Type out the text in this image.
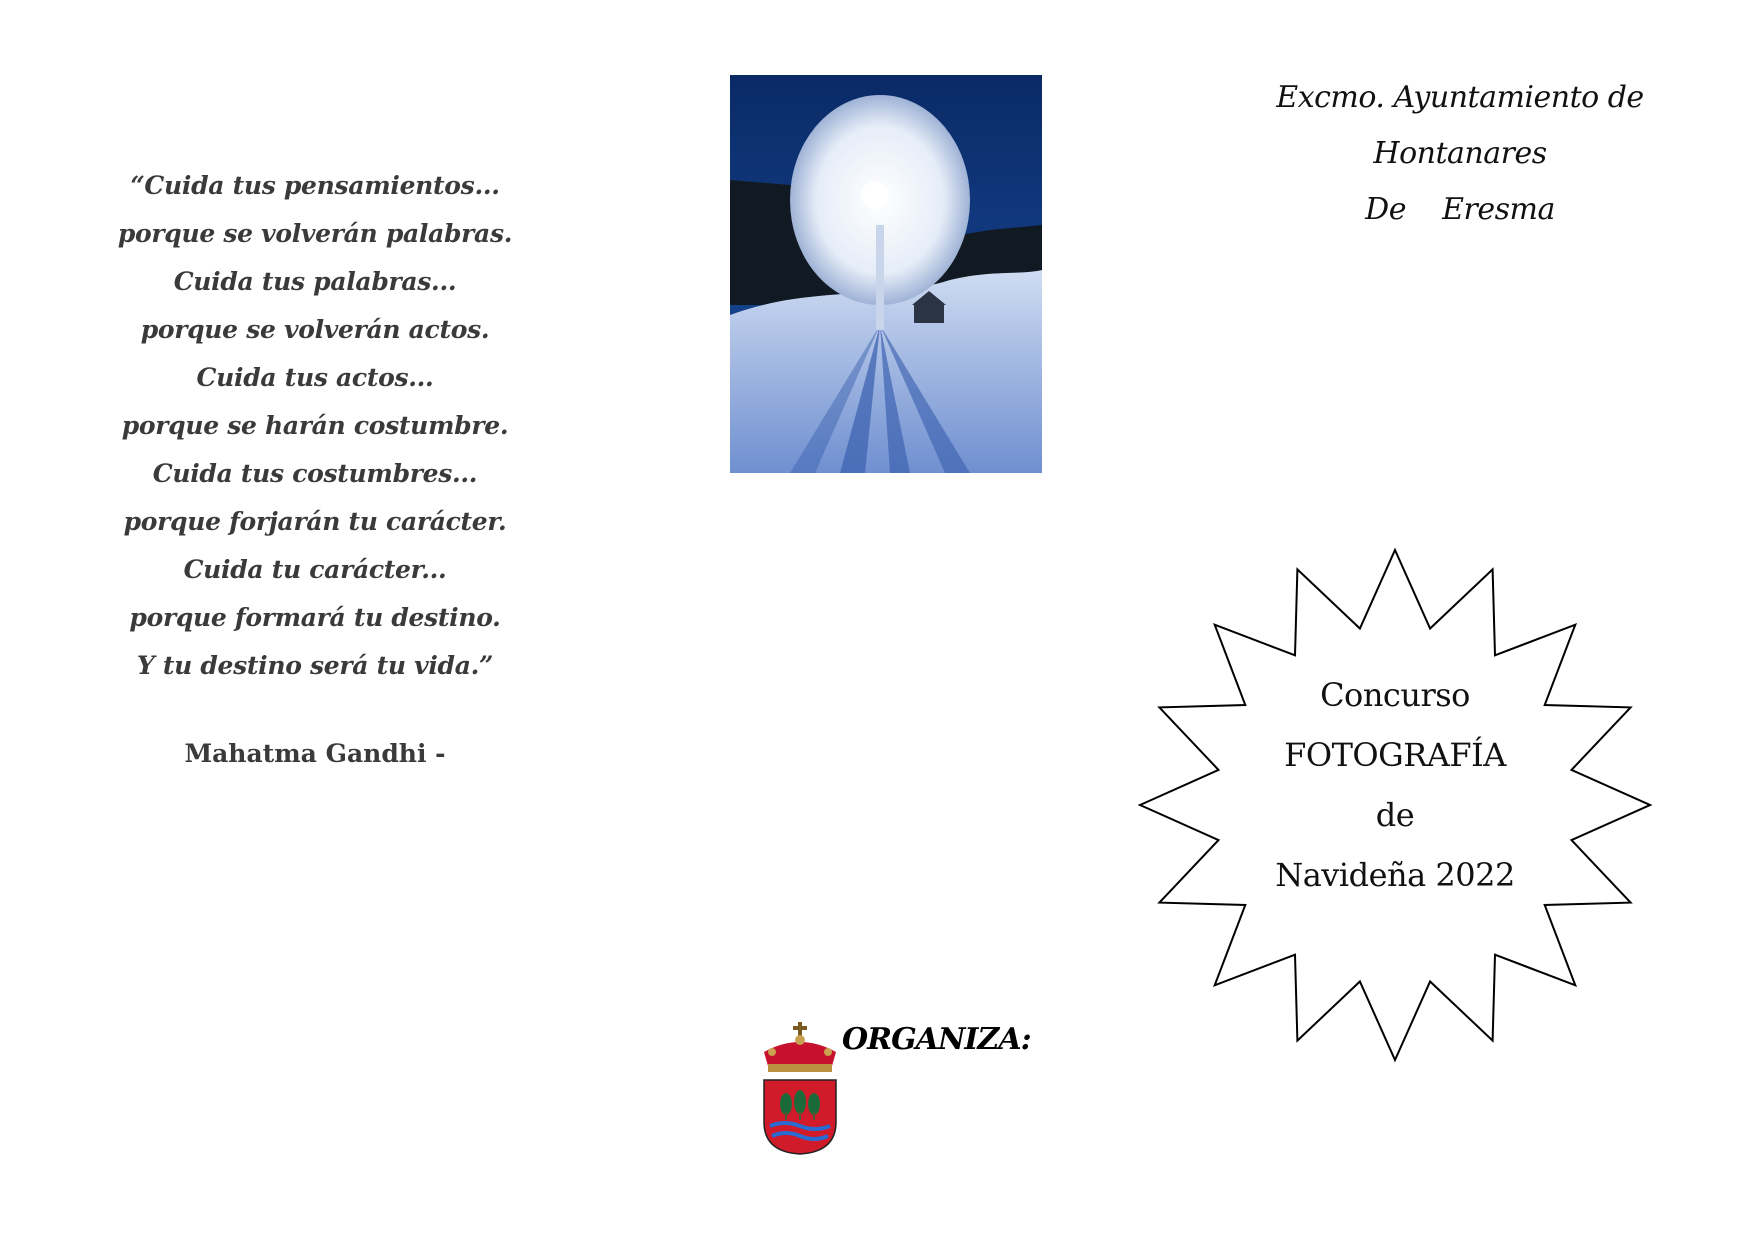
“Cuida tus pensamientos...
porque se volverán palabras.
Cuida tus palabras...
porque se volverán actos.
Cuida tus actos...
porque se harán costumbre.
Cuida tus costumbres...
porque forjarán tu carácter.
Cuida tu carácter...
porque formará tu destino.
Y tu destino será tu vida.”
Mahatma Gandhi -
Excmo. Ayuntamiento de
Hontanares
De    Eresma
Concurso
FOTOGRAFÍA
de
Navideña 2022
ORGANIZA:
